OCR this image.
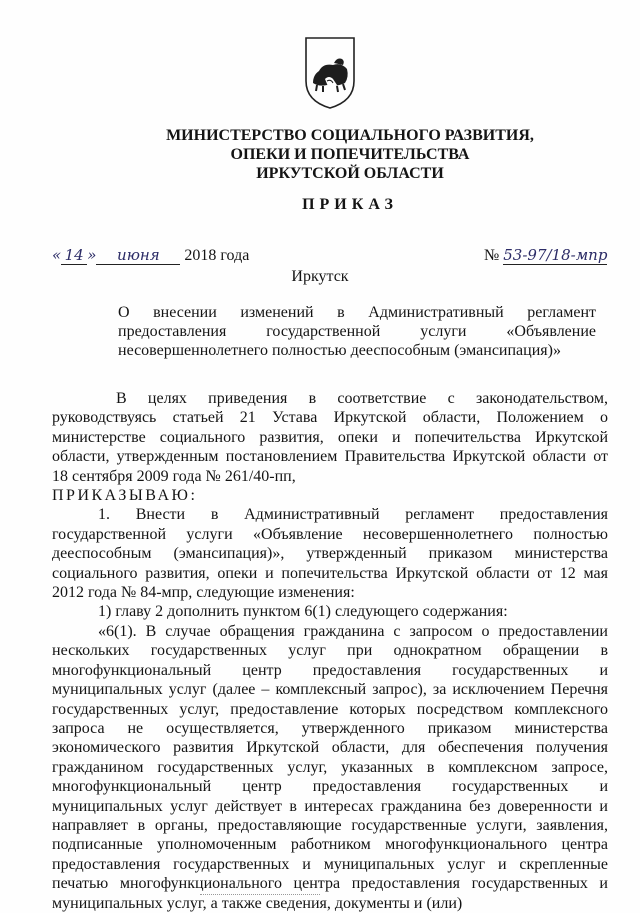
МИНИСТЕРСТВО СОЦИАЛЬНОГО РАЗВИТИЯ,
ОПЕКИ И ПОПЕЧИТЕЛЬСТВА
ИРКУТСКОЙ ОБЛАСТИ
ПРИКАЗ
« 14 » июня 2018 года	№ 53-97/18-мпр
Иркутск

О внесении изменений в Административный регламент

предоставления государственной услуги «Объявление

несовершеннолетнего полностью дееспособным (эмансипация)»

В целях приведения в соответствие с законодательством, руководствуясь статьей 21 Устава Иркутской области, Положением о министерстве социального развития, опеки и попечительства Иркутской области, утвержденным постановлением Правительства Иркутской области от 18 сентября 2009 года № 261/40-пп,

ПРИКАЗЫВАЮ:

1. Внести в Административный регламент предоставления государственной услуги «Объявление несовершеннолетнего полностью дееспособным (эмансипация)», утвержденный приказом министерства социального развития, опеки и попечительства Иркутской области от 12 мая 2012 года № 84-мпр, следующие изменения:

1) главу 2 дополнить пунктом 6(1) следующего содержания:

«6(1). В случае обращения гражданина с запросом о предоставлении нескольких государственных услуг при однократном обращении в многофункциональный центр предоставления государственных и муниципальных услуг (далее – комплексный запрос), за исключением Перечня государственных услуг, предоставление которых посредством комплексного запроса не осуществляется, утвержденного приказом министерства экономического развития Иркутской области, для обеспечения получения гражданином государственных услуг, указанных в комплексном запросе, многофункциональный центр предоставления государственных и муниципальных услуг действует в интересах гражданина без доверенности и направляет в органы, предоставляющие государственные услуги, заявления, подписанные уполномоченным работником многофункционального центра предоставления государственных и муниципальных услуг и скрепленные печатью многофункционального центра предоставления государственных и муниципальных услуг, а также сведения, документы и (или)
